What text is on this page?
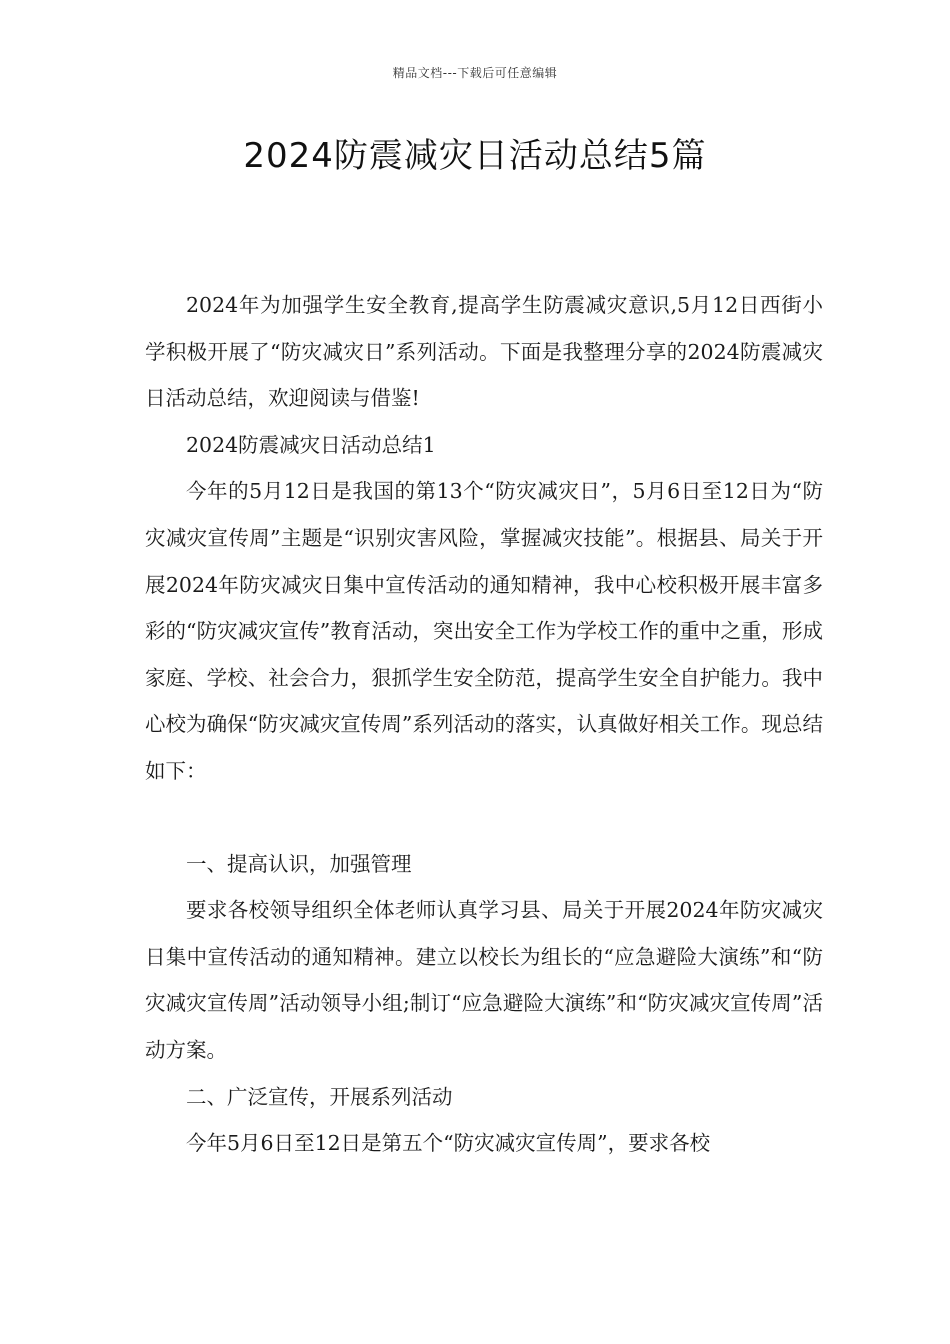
精品文档---下载后可任意编辑
2024防震减灾日活动总结5篇

2024年为加强学生安全教育,提高学生防震减灾意识,5月12日西街小学积极开展了“防灾减灾日”系列活动。下面是我整理分享的2024防震减灾日活动总结，欢迎阅读与借鉴!

2024防震减灾日活动总结1

今年的5月12日是我国的第13个“防灾减灾日”，5月6日至12日为“防灾减灾宣传周”主题是“识别灾害风险，掌握减灾技能”。根据县、局关于开展2024年防灾减灾日集中宣传活动的通知精神，我中心校积极开展丰富多彩的“防灾减灾宣传”教育活动，突出安全工作为学校工作的重中之重，形成家庭、学校、社会合力，狠抓学生安全防范，提高学生安全自护能力。我中心校为确保“防灾减灾宣传周”系列活动的落实，认真做好相关工作。现总结如下：

一、提高认识，加强管理

要求各校领导组织全体老师认真学习县、局关于开展2024年防灾减灾日集中宣传活动的通知精神。建立以校长为组长的“应急避险大演练”和“防灾减灾宣传周”活动领导小组;制订“应急避险大演练”和“防灾减灾宣传周”活动方案。

二、广泛宣传，开展系列活动

今年5月6日至12日是第五个“防灾减灾宣传周”，要求各校
